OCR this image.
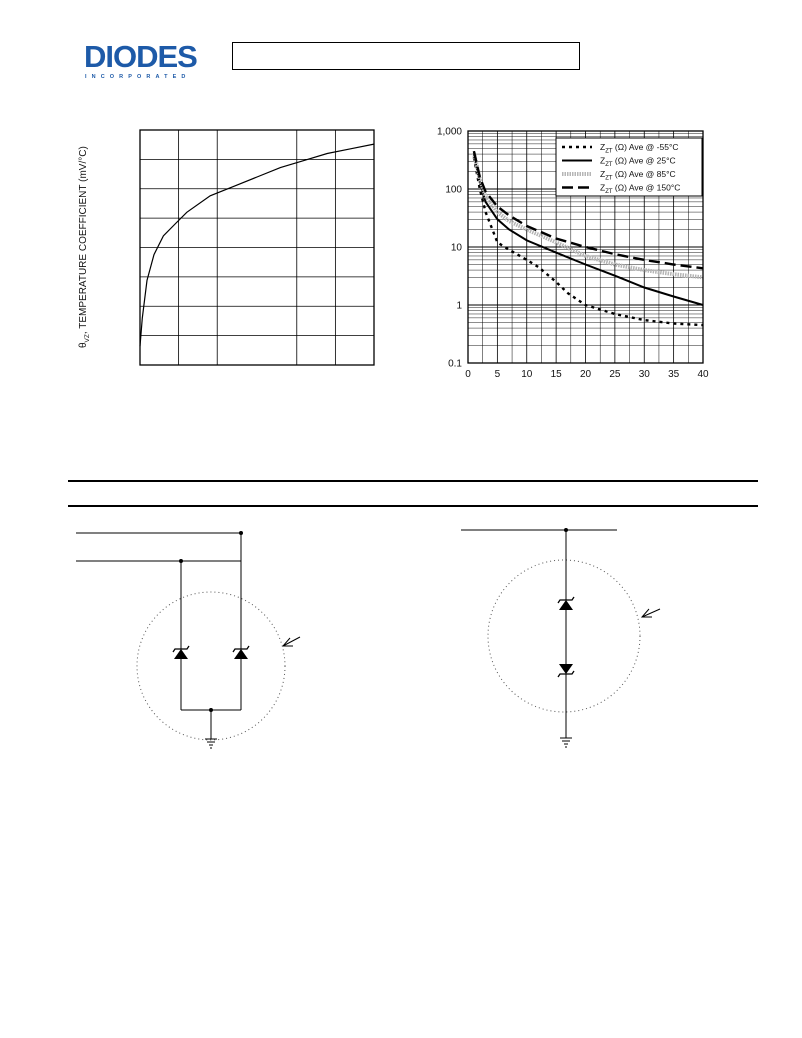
DIODES
INCORPORATED
$\theta_{VZ}$, TEMPERATURE COEFFICIENT (mV/°C)
1,000
100
10
1
0.1
0 5 10 15 20 25 30 35 40
$Z_{ZT}$ (Ω) Ave @ -55°C
$Z_{ZT}$ (Ω) Ave @ 25°C
$Z_{ZT}$ (Ω) Ave @ 85°C
$Z_{ZT}$ (Ω) Ave @ 150°C
